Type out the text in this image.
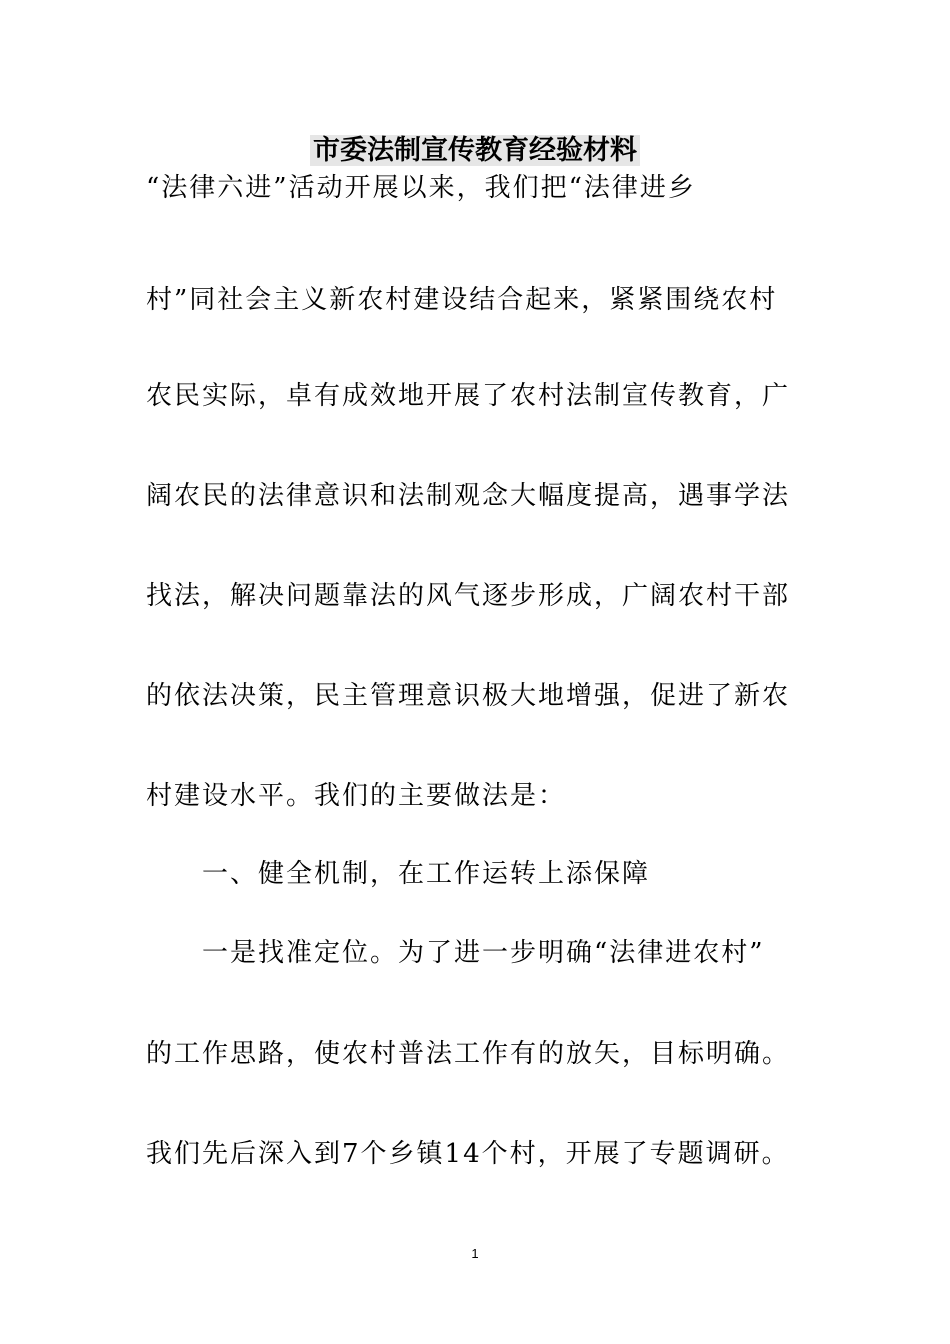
市委法制宣传教育经验材料
“法律六进”活动开展以来，我们把“法律进乡
村”同社会主义新农村建设结合起来，紧紧围绕农村
农民实际，卓有成效地开展了农村法制宣传教育，广
阔农民的法律意识和法制观念大幅度提高，遇事学法
找法，解决问题靠法的风气逐步形成，广阔农村干部
的依法决策，民主管理意识极大地增强，促进了新农
村建设水平。我们的主要做法是：
一、健全机制，在工作运转上添保障
一是找准定位。为了进一步明确“法律进农村”
的工作思路，使农村普法工作有的放矢，目标明确。
我们先后深入到7个乡镇14个村，开展了专题调研。
1
